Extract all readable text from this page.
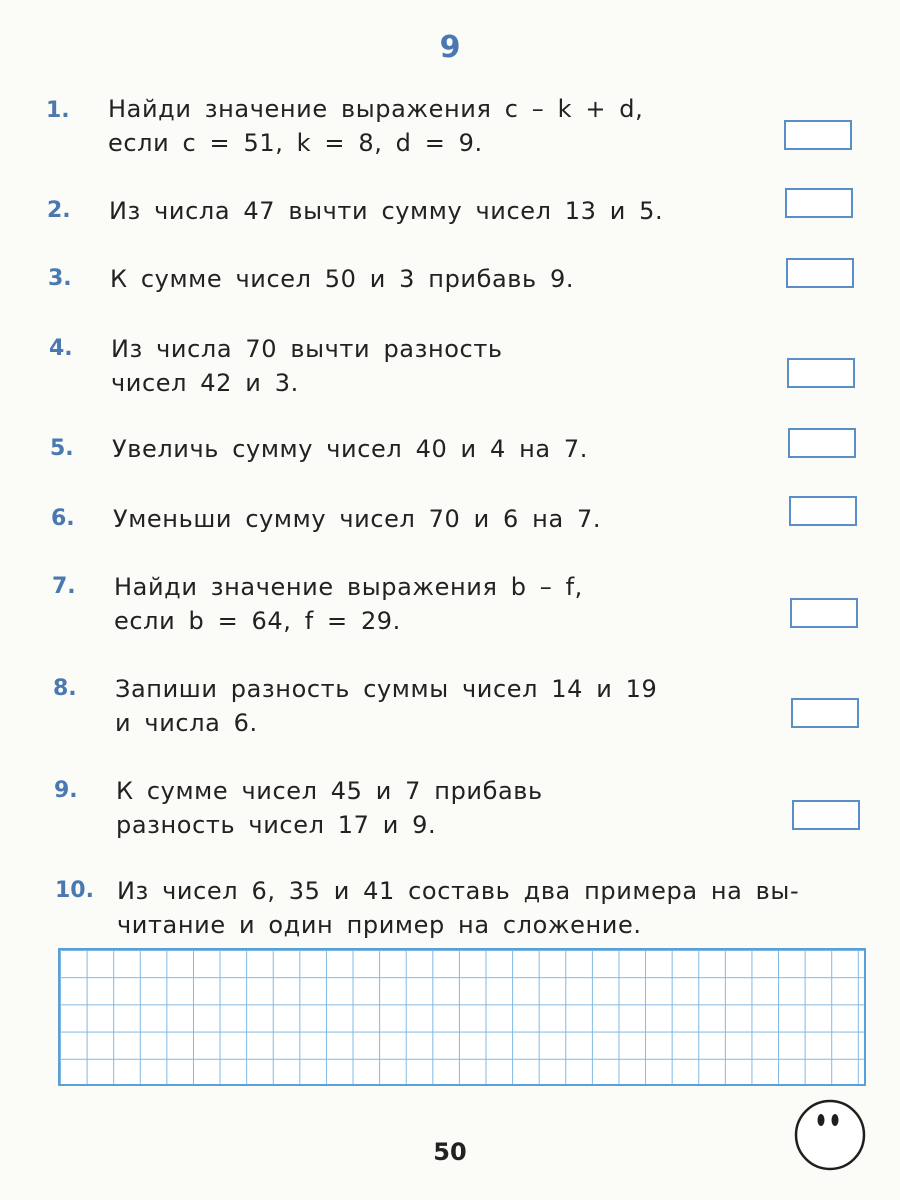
9
1. Найди значение выражения c – k + d,
если c = 51, k = 8, d = 9.
2. Из числа 47 вычти сумму чисел 13 и 5.
3. К сумме чисел 50 и 3 прибавь 9.
4. Из числа 70 вычти разность
чисел 42 и 3.
5. Увеличь сумму чисел 40 и 4 на 7.
6. Уменьши сумму чисел 70 и 6 на 7.
7. Найди значение выражения b – f,
если b = 64, f = 29.
8. Запиши разность суммы чисел 14 и 19
и числа 6.
9. К сумме чисел 45 и 7 прибавь
разность чисел 17 и 9.
10. Из чисел 6, 35 и 41 составь два примера на вы-
читание и один пример на сложение.
50
